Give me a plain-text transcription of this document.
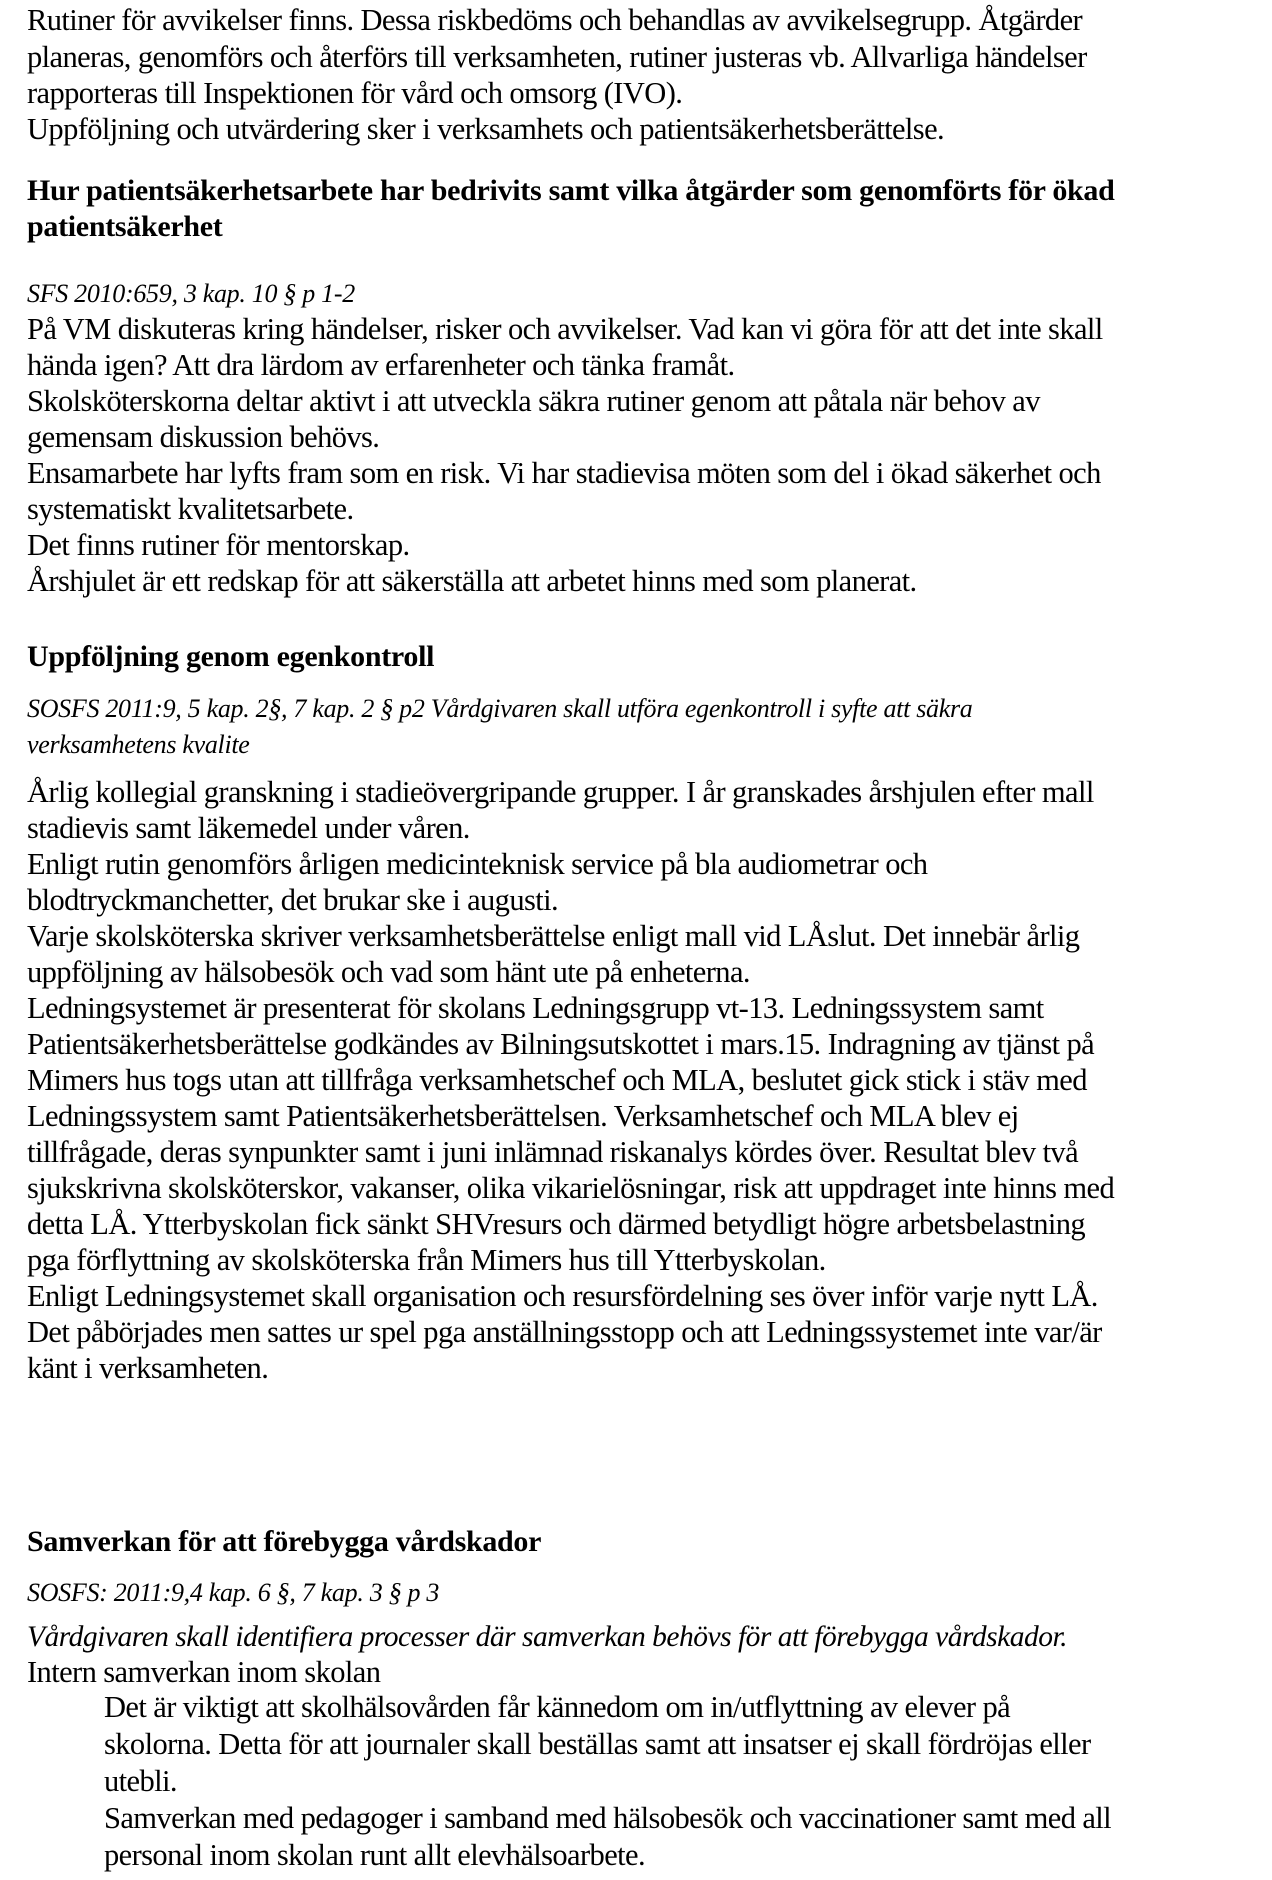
Rutiner för avvikelser finns. Dessa riskbedöms och behandlas av avvikelsegrupp. Åtgärder
planeras, genomförs och återförs till verksamheten, rutiner justeras vb. Allvarliga händelser
rapporteras till Inspektionen för vård och omsorg (IVO).
Uppföljning och utvärdering sker i verksamhets och patientsäkerhetsberättelse.
Hur patientsäkerhetsarbete har bedrivits samt vilka åtgärder som genomförts för ökad
patientsäkerhet
SFS 2010:659, 3 kap. 10 § p 1-2
På VM diskuteras kring händelser, risker och avvikelser. Vad kan vi göra för att det inte skall
hända igen? Att dra lärdom av erfarenheter och tänka framåt.
Skolsköterskorna deltar aktivt i att utveckla säkra rutiner genom att påtala när behov av
gemensam diskussion behövs.
Ensamarbete har lyfts fram som en risk. Vi har stadievisa möten som del i ökad säkerhet och
systematiskt kvalitetsarbete.
Det finns rutiner för mentorskap.
Årshjulet är ett redskap för att säkerställa att arbetet hinns med som planerat.
Uppföljning genom egenkontroll
SOSFS 2011:9, 5 kap. 2§, 7 kap. 2 § p2 Vårdgivaren skall utföra egenkontroll i syfte att säkra
verksamhetens kvalite
Årlig kollegial granskning i stadieövergripande grupper. I år granskades årshjulen efter mall
stadievis samt läkemedel under våren.
Enligt rutin genomförs årligen medicinteknisk service på bla audiometrar och
blodtryckmanchetter, det brukar ske i augusti.
Varje skolsköterska skriver verksamhetsberättelse enligt mall vid LÅslut. Det innebär årlig
uppföljning av hälsobesök och vad som hänt ute på enheterna.
Ledningsystemet är presenterat för skolans Ledningsgrupp vt-13. Ledningssystem samt
Patientsäkerhetsberättelse godkändes av Bilningsutskottet i mars.15. Indragning av tjänst på
Mimers hus togs utan att tillfråga verksamhetschef och MLA, beslutet gick stick i stäv med
Ledningssystem samt Patientsäkerhetsberättelsen. Verksamhetschef och MLA blev ej
tillfrågade, deras synpunkter samt i juni inlämnad riskanalys kördes över. Resultat blev två
sjukskrivna skolsköterskor, vakanser, olika vikarielösningar, risk att uppdraget inte hinns med
detta LÅ. Ytterbyskolan fick sänkt SHVresurs och därmed betydligt högre arbetsbelastning
pga förflyttning av skolsköterska från Mimers hus till Ytterbyskolan.
Enligt Ledningsystemet skall organisation och resursfördelning ses över inför varje nytt LÅ.
Det påbörjades men sattes ur spel pga anställningsstopp och att Ledningssystemet inte var/är
känt i verksamheten.
Samverkan för att förebygga vårdskador
SOSFS: 2011:9,4 kap. 6 §, 7 kap. 3 § p 3
Vårdgivaren skall identifiera processer där samverkan behövs för att förebygga vårdskador.
Intern samverkan inom skolan
Det är viktigt att skolhälsovården får kännedom om in/utflyttning av elever på
skolorna. Detta för att journaler skall beställas samt att insatser ej skall fördröjas eller
utebli.
Samverkan med pedagoger i samband med hälsobesök och vaccinationer samt med all
personal inom skolan runt allt elevhälsoarbete.
